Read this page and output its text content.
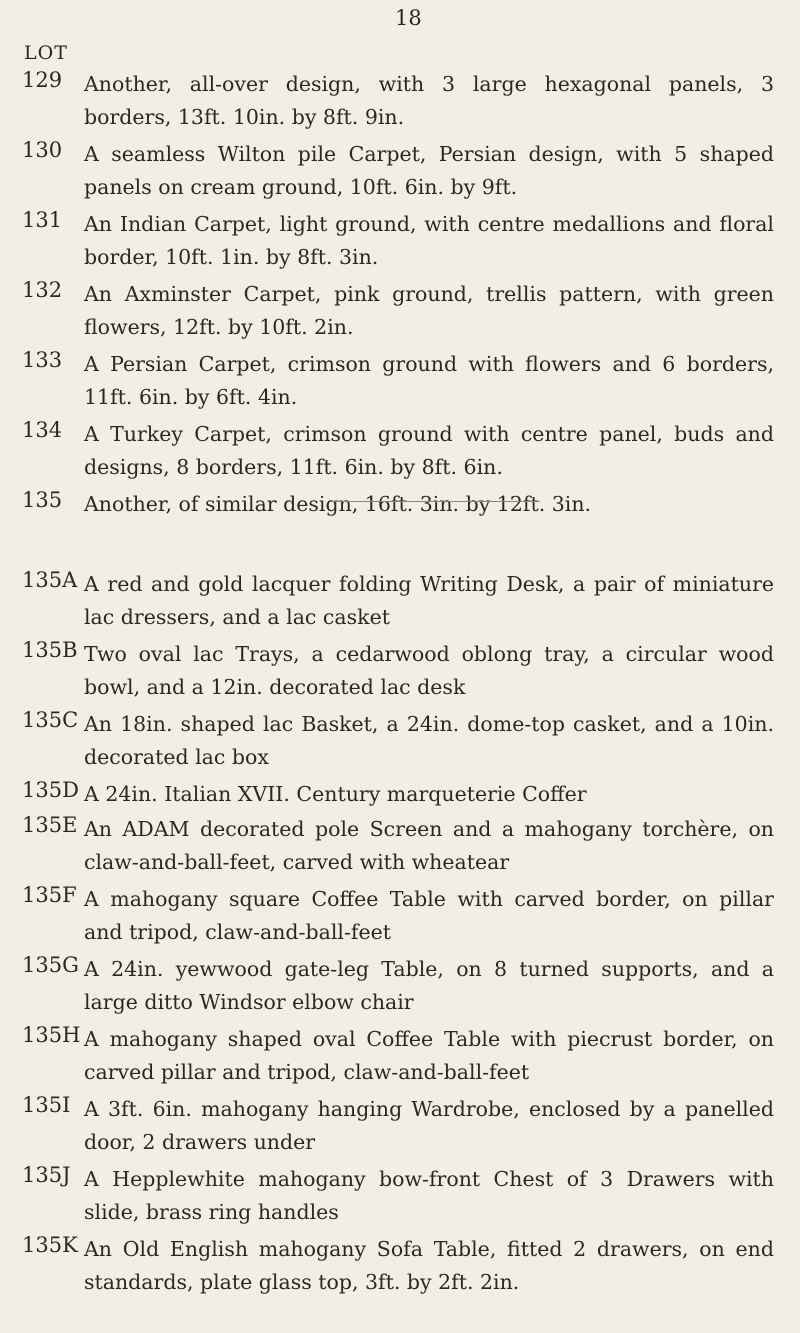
18
LOT
129 Another, all-over design, with 3 large hexagonal panels, 3 borders, 13ft. 10in. by 8ft. 9in.
130 A seamless Wilton pile Carpet, Persian design, with 5 shaped panels on cream ground, 10ft. 6in. by 9ft.
131 An Indian Carpet, light ground, with centre medallions and floral border, 10ft. 1in. by 8ft. 3in.
132 An Axminster Carpet, pink ground, trellis pattern, with green flowers, 12ft. by 10ft. 2in.
133 A Persian Carpet, crimson ground with flowers and 6 borders, 11ft. 6in. by 6ft. 4in.
134 A Turkey Carpet, crimson ground with centre panel, buds and designs, 8 borders, 11ft. 6in. by 8ft. 6in.
135 Another, of similar design, 16ft. 3in. by 12ft. 3in.
135A A red and gold lacquer folding Writing Desk, a pair of miniature lac dressers, and a lac casket
135B Two oval lac Trays, a cedarwood oblong tray, a circular wood bowl, and a 12in. decorated lac desk
135C An 18in. shaped lac Basket, a 24in. dome-top casket, and a 10in. decorated lac box
135D A 24in. Italian XVII. Century marqueterie Coffer
135E An ADAM decorated pole Screen and a mahogany torchère, on claw-and-ball-feet, carved with wheatear
135F A mahogany square Coffee Table with carved border, on pillar and tripod, claw-and-ball-feet
135G A 24in. yewwood gate-leg Table, on 8 turned supports, and a large ditto Windsor elbow chair
135H A mahogany shaped oval Coffee Table with piecrust border, on carved pillar and tripod, claw-and-ball-feet
135I A 3ft. 6in. mahogany hanging Wardrobe, enclosed by a panelled door, 2 drawers under
135J A Hepplewhite mahogany bow-front Chest of 3 Drawers with slide, brass ring handles
135K An Old English mahogany Sofa Table, fitted 2 drawers, on end standards, plate glass top, 3ft. by 2ft. 2in.
